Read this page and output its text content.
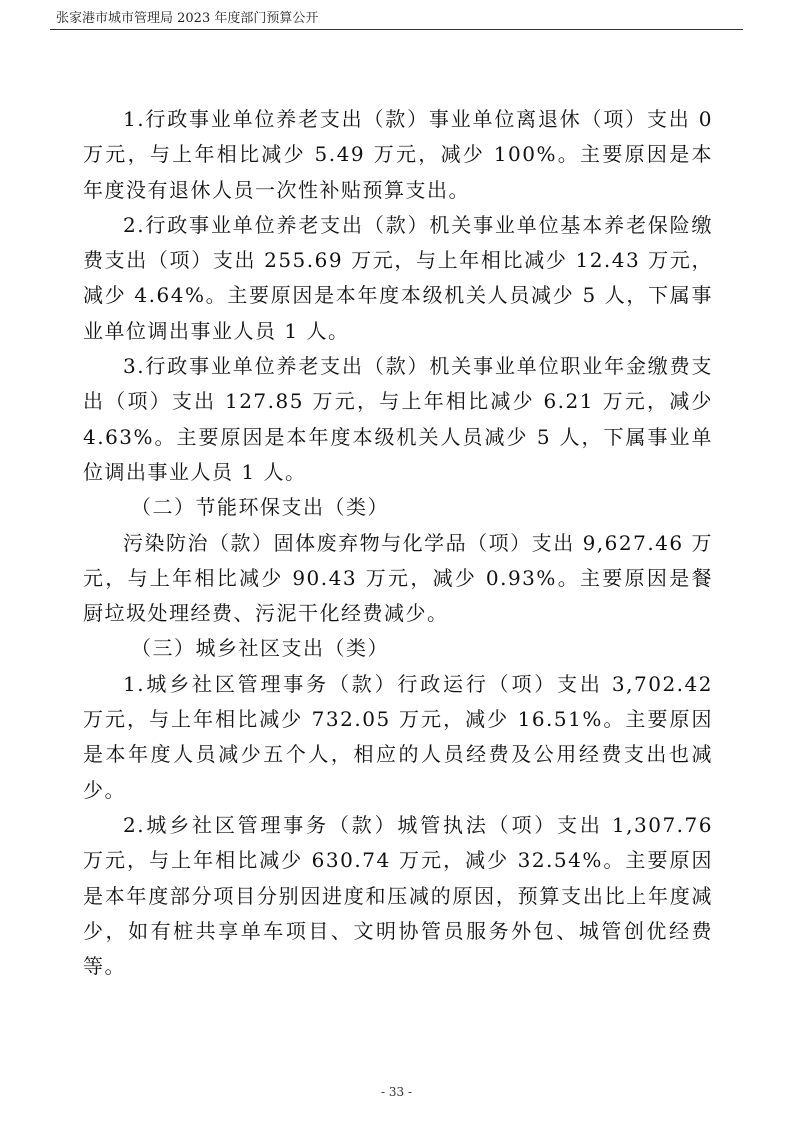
张家港市城市管理局 2023 年度部门预算公开

1.行政事业单位养老支出（款）事业单位离退休（项）支出 0 万元，与上年相比减少 5.49 万元，减少 100%。主要原因是本年度没有退休人员一次性补贴预算支出。

2.行政事业单位养老支出（款）机关事业单位基本养老保险缴费支出（项）支出 255.69 万元，与上年相比减少 12.43 万元，减少 4.64%。主要原因是本年度本级机关人员减少 5 人，下属事业单位调出事业人员 1 人。

3.行政事业单位养老支出（款）机关事业单位职业年金缴费支出（项）支出 127.85 万元，与上年相比减少 6.21 万元，减少 4.63%。主要原因是本年度本级机关人员减少 5 人，下属事业单位调出事业人员 1 人。

（二）节能环保支出（类）

污染防治（款）固体废弃物与化学品（项）支出 9,627.46 万元，与上年相比减少 90.43 万元，减少 0.93%。主要原因是餐厨垃圾处理经费、污泥干化经费减少。

（三）城乡社区支出（类）

1.城乡社区管理事务（款）行政运行（项）支出 3,702.42 万元，与上年相比减少 732.05 万元，减少 16.51%。主要原因是本年度人员减少五个人，相应的人员经费及公用经费支出也减少。

2.城乡社区管理事务（款）城管执法（项）支出 1,307.76 万元，与上年相比减少 630.74 万元，减少 32.54%。主要原因是本年度部分项目分别因进度和压减的原因，预算支出比上年度减少，如有桩共享单车项目、文明协管员服务外包、城管创优经费等。

- 33 -
